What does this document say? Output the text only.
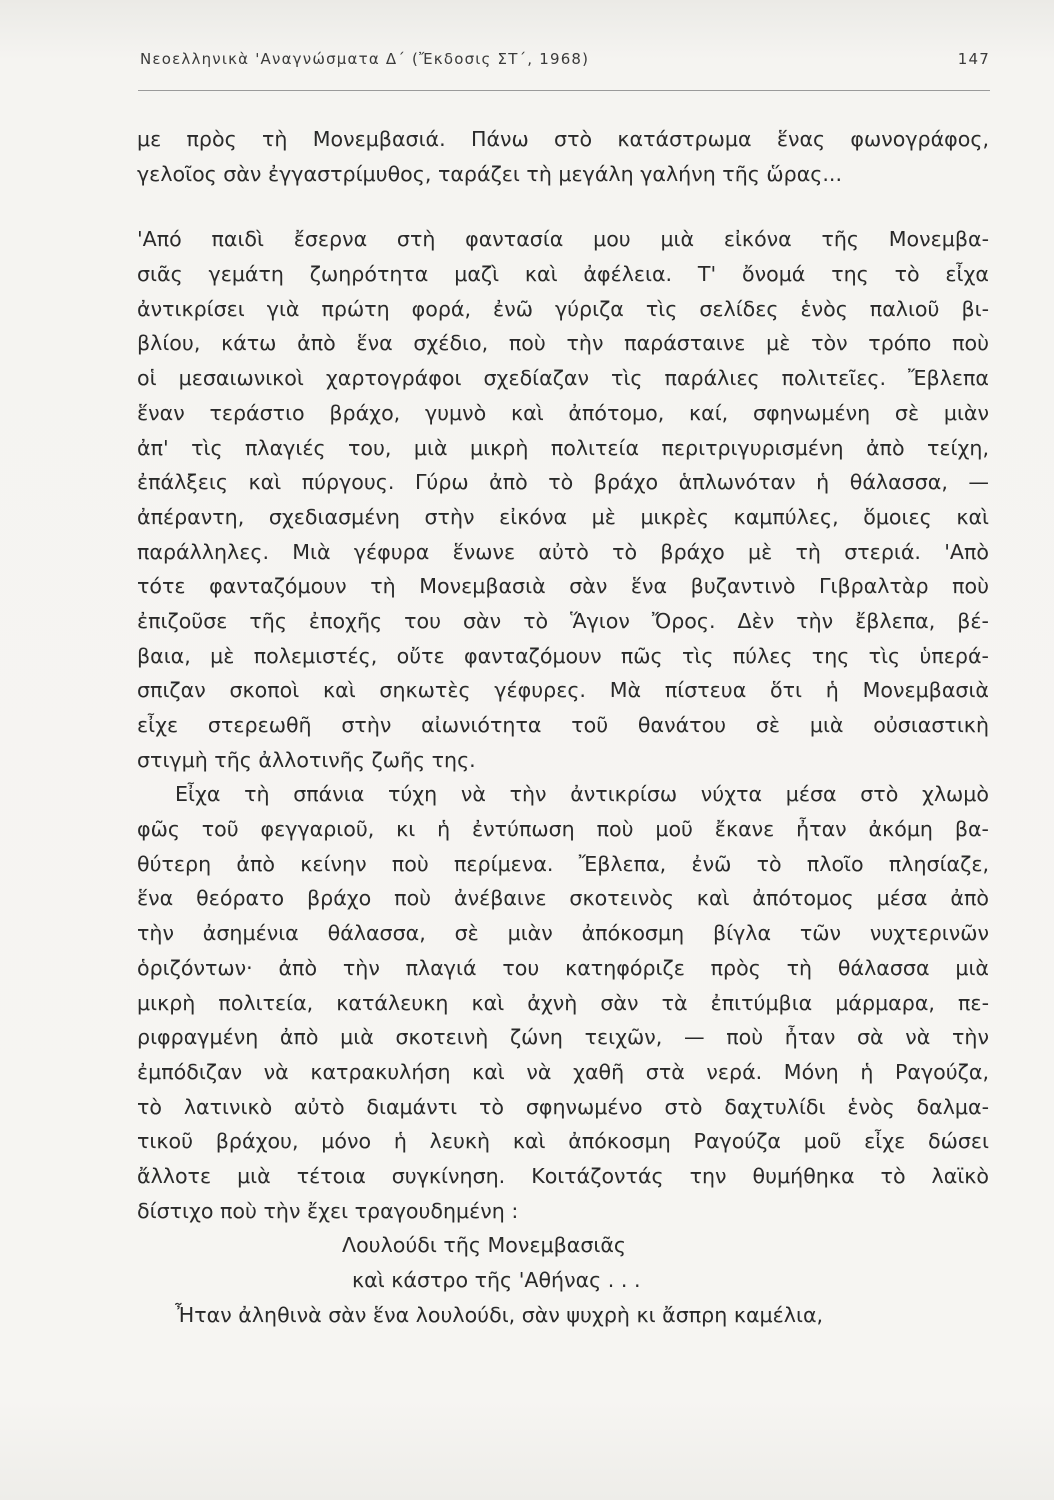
Νεοελληνικὰ 'Αναγνώσματα Δ΄ (Ἔκδοσις ΣΤ΄, 1968)	147
με πρὸς τὴ Μονεμβασιά. Πάνω στὸ κατάστρωμα ἕνας φωνογράφος,
γελοῖος σὰν ἐγγαστρίμυθος, ταράζει τὴ μεγάλη γαλήνη τῆς ὥρας...
'Από παιδὶ ἔσερνα στὴ φαντασία μου μιὰ εἰκόνα τῆς Μονεμβα-
σιᾶς γεμάτη ζωηρότητα μαζὶ καὶ ἀφέλεια. Τ' ὄνομά της τὸ εἶχα
ἀντικρίσει γιὰ πρώτη φορά, ἐνῶ γύριζα τὶς σελίδες ἑνὸς παλιοῦ βι-
βλίου, κάτω ἀπὸ ἕνα σχέδιο, ποὺ τὴν παράσταινε μὲ τὸν τρόπο ποὺ
οἱ μεσαιωνικοὶ χαρτογράφοι σχεδίαζαν τὶς παράλιες πολιτεῖες. Ἔβλεπα
ἕναν τεράστιο βράχο, γυμνὸ καὶ ἀπότομο, καί, σφηνωμένη σὲ μιὰν
ἀπ' τὶς πλαγιές του, μιὰ μικρὴ πολιτεία περιτριγυρισμένη ἀπὸ τείχη,
ἐπάλξεις καὶ πύργους. Γύρω ἀπὸ τὸ βράχο ἁπλωνόταν ἡ θάλασσα, —
ἀπέραντη, σχεδιασμένη στὴν εἰκόνα μὲ μικρὲς καμπύλες, ὅμοιες καὶ
παράλληλες. Μιὰ γέφυρα ἕνωνε αὐτὸ τὸ βράχο μὲ τὴ στεριά. 'Απὸ
τότε φανταζόμουν τὴ Μονεμβασιὰ σὰν ἕνα βυζαντινὸ Γιβραλτὰρ ποὺ
ἐπιζοῦσε τῆς ἐποχῆς του σὰν τὸ Ἅγιον Ὄρος. Δὲν τὴν ἔβλεπα, βέ-
βαια, μὲ πολεμιστές, οὔτε φανταζόμουν πῶς τὶς πύλες της τὶς ὑπερά-
σπιζαν σκοποὶ καὶ σηκωτὲς γέφυρες. Μὰ πίστευα ὅτι ἡ Μονεμβασιὰ
εἶχε στερεωθῆ στὴν αἰωνιότητα τοῦ θανάτου σὲ μιὰ οὐσιαστικὴ
στιγμὴ τῆς ἀλλοτινῆς ζωῆς της.
Εἶχα τὴ σπάνια τύχη νὰ τὴν ἀντικρίσω νύχτα μέσα στὸ χλωμὸ
φῶς τοῦ φεγγαριοῦ, κι ἡ ἐντύπωση ποὺ μοῦ ἔκανε ἦταν ἀκόμη βα-
θύτερη ἀπὸ κείνην ποὺ περίμενα. Ἔβλεπα, ἐνῶ τὸ πλοῖο πλησίαζε,
ἕνα θεόρατο βράχο ποὺ ἀνέβαινε σκοτεινὸς καὶ ἀπότομος μέσα ἀπὸ
τὴν ἀσημένια θάλασσα, σὲ μιὰν ἀπόκοσμη βίγλα τῶν νυχτερινῶν
ὁριζόντων· ἀπὸ τὴν πλαγιά του κατηφόριζε πρὸς τὴ θάλασσα μιὰ
μικρὴ πολιτεία, κατάλευκη καὶ ἀχνὴ σὰν τὰ ἐπιτύμβια μάρμαρα, πε-
ριφραγμένη ἀπὸ μιὰ σκοτεινὴ ζώνη τειχῶν, — ποὺ ἦταν σὰ νὰ τὴν
ἐμπόδιζαν νὰ κατρακυλήση καὶ νὰ χαθῆ στὰ νερά. Μόνη ἡ Ραγούζα,
τὸ λατινικὸ αὐτὸ διαμάντι τὸ σφηνωμένο στὸ δαχτυλίδι ἑνὸς δαλμα-
τικοῦ βράχου, μόνο ἡ λευκὴ καὶ ἀπόκοσμη Ραγούζα μοῦ εἶχε δώσει
ἄλλοτε μιὰ τέτοια συγκίνηση. Κοιτάζοντάς την θυμήθηκα τὸ λαϊκὸ
δίστιχο ποὺ τὴν ἔχει τραγουδημένη :
Λουλούδι τῆς Μονεμβασιᾶς
καὶ κάστρο τῆς 'Αθήνας . . .
Ἦταν ἀληθινὰ σὰν ἕνα λουλούδι, σὰν ψυχρὴ κι ἄσπρη καμέλια,
